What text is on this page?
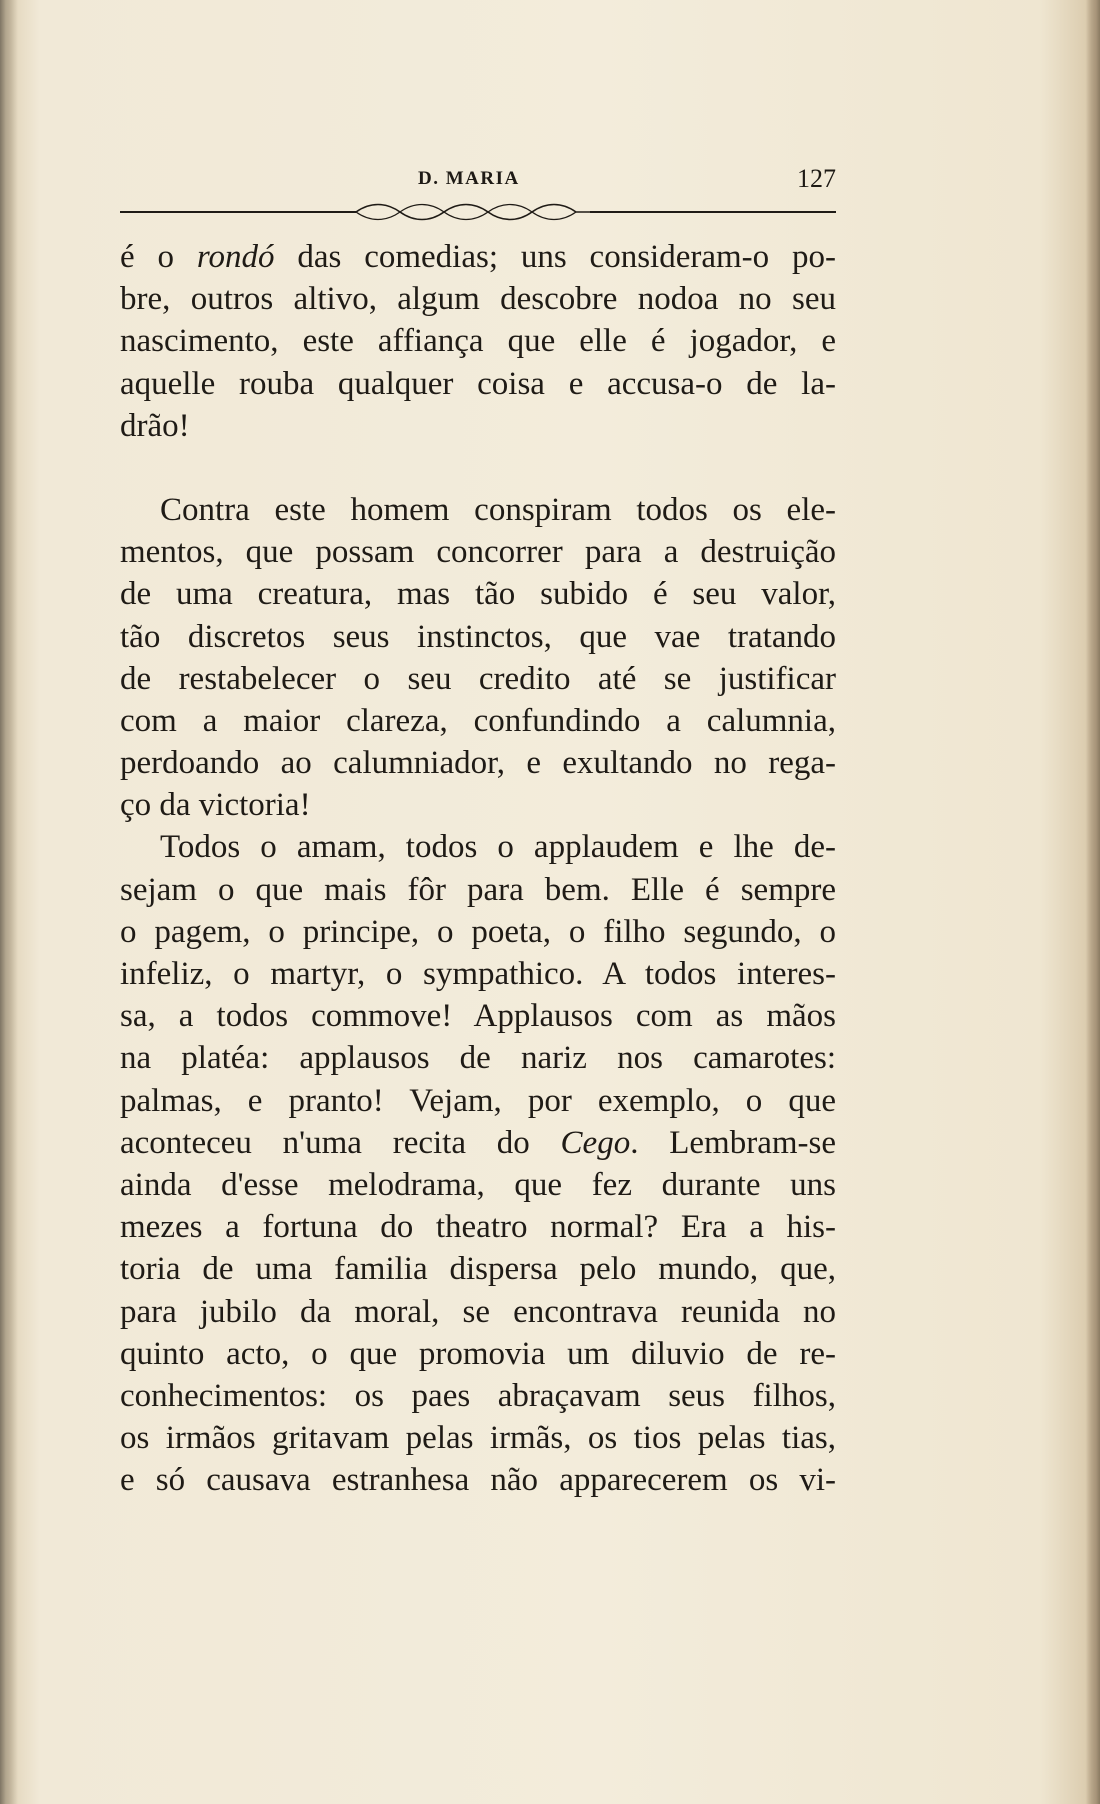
D. MARIA	127
é o rondó das comedias; uns consideram-o po-
bre, outros altivo, algum descobre nodoa no seu
nascimento, este affiança que elle é jogador, e
aquelle rouba qualquer coisa e accusa-o de la-
drão!
Contra este homem conspiram todos os ele-
mentos, que possam concorrer para a destruição
de uma creatura, mas tão subido é seu valor,
tão discretos seus instinctos, que vae tratando
de restabelecer o seu credito até se justificar
com a maior clareza, confundindo a calumnia,
perdoando ao calumniador, e exultando no rega-
ço da victoria!
Todos o amam, todos o applaudem e lhe de-
sejam o que mais fôr para bem. Elle é sempre
o pagem, o principe, o poeta, o filho segundo, o
infeliz, o martyr, o sympathico. A todos interes-
sa, a todos commove! Applausos com as mãos
na platéa: applausos de nariz nos camarotes:
palmas, e pranto! Vejam, por exemplo, o que
aconteceu n'uma recita do Cego. Lembram-se
ainda d'esse melodrama, que fez durante uns
mezes a fortuna do theatro normal? Era a his-
toria de uma familia dispersa pelo mundo, que,
para jubilo da moral, se encontrava reunida no
quinto acto, o que promovia um diluvio de re-
conhecimentos: os paes abraçavam seus filhos,
os irmãos gritavam pelas irmãs, os tios pelas tias,
e só causava estranhesa não apparecerem os vi-
